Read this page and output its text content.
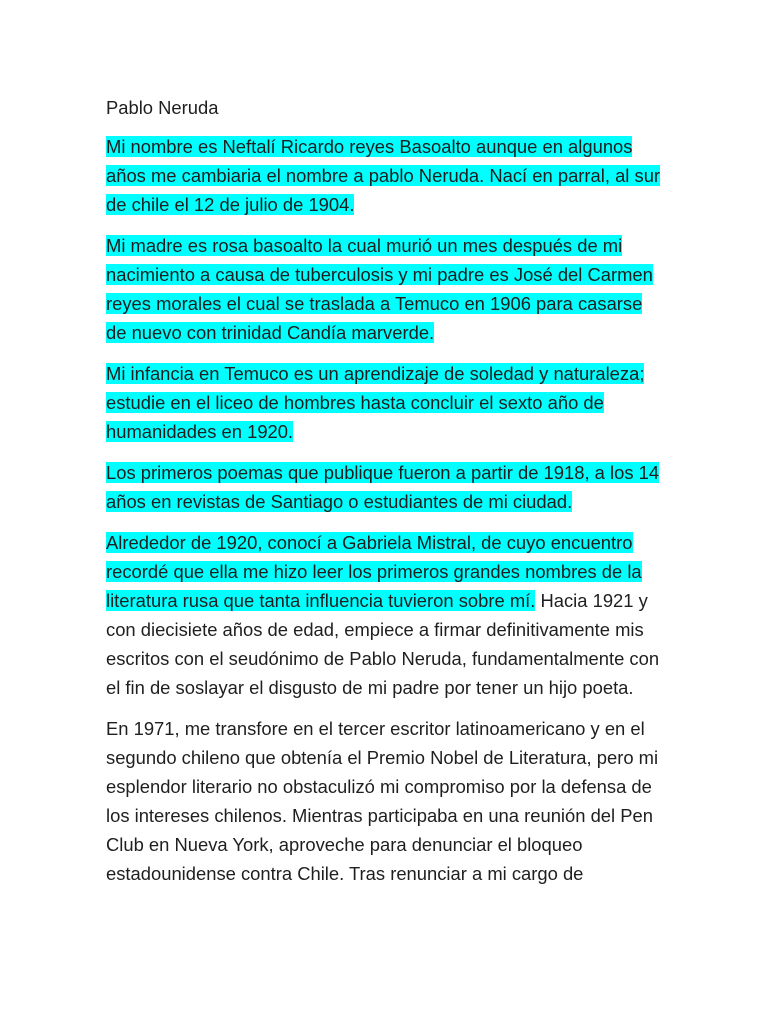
Pablo Neruda

Mi nombre es Neftalí Ricardo reyes Basoalto aunque en algunos años me cambiaria el nombre a pablo Neruda. Nací en parral, al sur de chile el 12 de julio de 1904.

Mi madre es rosa basoalto la cual murió un mes después de mi nacimiento a causa de tuberculosis y mi padre es José del Carmen reyes morales el cual se traslada a Temuco en 1906 para casarse de nuevo con trinidad Candía marverde.

Mi infancia en Temuco es un aprendizaje de soledad y naturaleza; estudie en el liceo de hombres hasta concluir el sexto año de humanidades en 1920.

Los primeros poemas que publique fueron a partir de 1918, a los 14 años en revistas de Santiago o estudiantes de mi ciudad.

Alrededor de 1920, conocí a Gabriela Mistral, de cuyo encuentro recordé que ella me hizo leer los primeros grandes nombres de la literatura rusa que tanta influencia tuvieron sobre mí. Hacia 1921 y con diecisiete años de edad, empiece a firmar definitivamente mis escritos con el seudónimo de Pablo Neruda, fundamentalmente con el fin de soslayar el disgusto de mi padre por tener un hijo poeta.

En 1971, me transfore en el tercer escritor latinoamericano y en el segundo chileno que obtenía el Premio Nobel de Literatura, pero mi esplendor literario no obstaculizó mi compromiso por la defensa de los intereses chilenos. Mientras participaba en una reunión del Pen Club en Nueva York, aproveche para denunciar el bloqueo estadounidense contra Chile. Tras renunciar a mi cargo de
